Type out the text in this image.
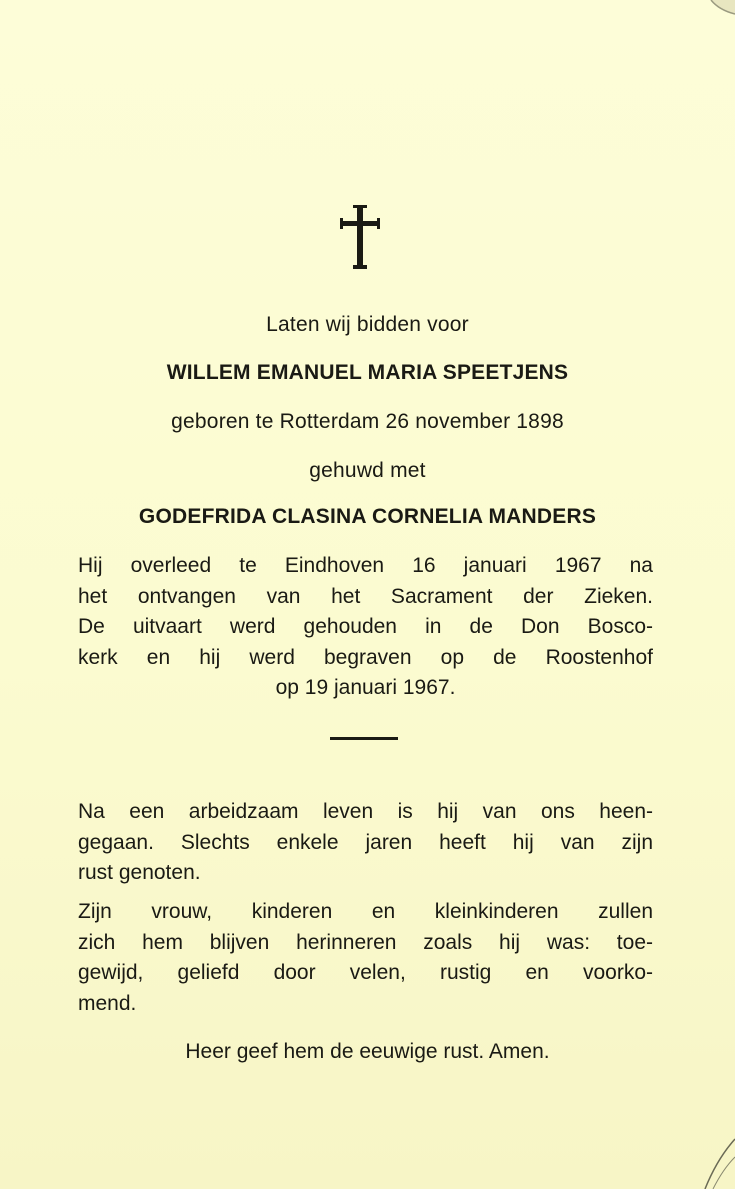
Laten wij bidden voor
WILLEM EMANUEL MARIA SPEETJENS
geboren te Rotterdam 26 november 1898
gehuwd met
GODEFRIDA CLASINA CORNELIA MANDERS
Hij overleed te Eindhoven 16 januari 1967 na
het ontvangen van het Sacrament der Zieken.
De uitvaart werd gehouden in de Don Bosco-
kerk en hij werd begraven op de Roostenhof
op 19 januari 1967.
Na een arbeidzaam leven is hij van ons heen-
gegaan. Slechts enkele jaren heeft hij van zijn
rust genoten.
Zijn vrouw, kinderen en kleinkinderen zullen
zich hem blijven herinneren zoals hij was: toe-
gewijd, geliefd door velen, rustig en voorko-
mend.
Heer geef hem de eeuwige rust. Amen.
